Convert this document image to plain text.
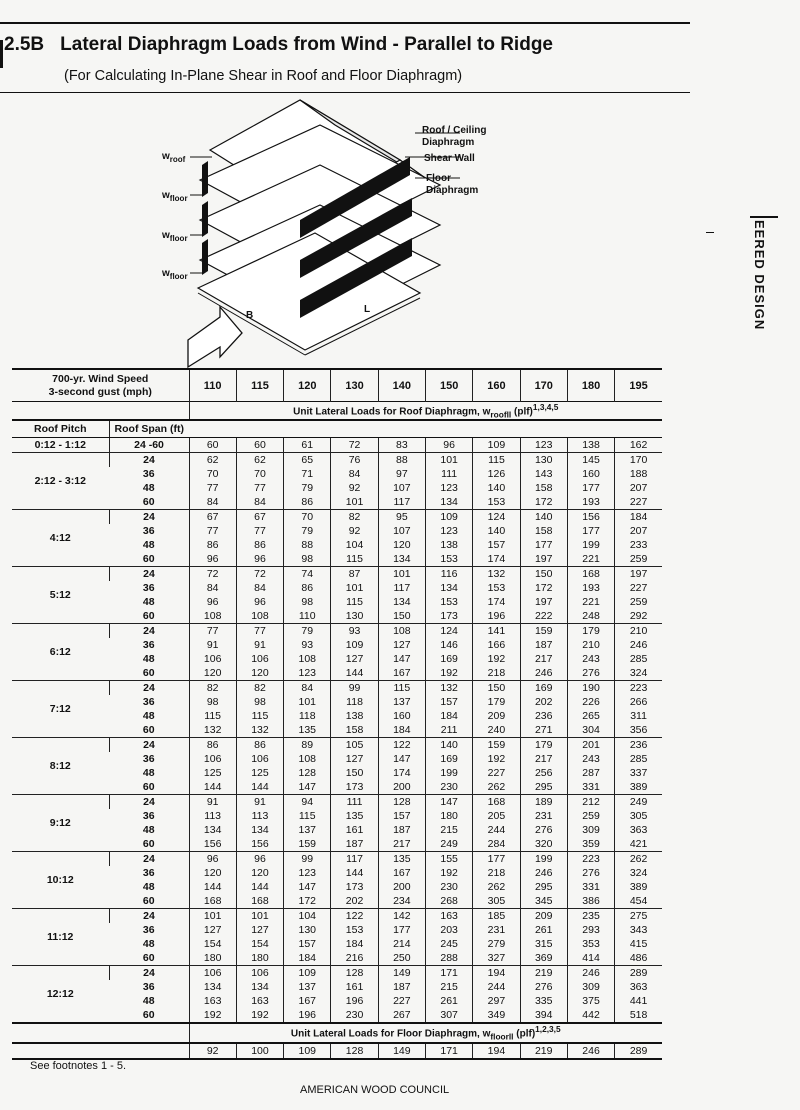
2.5B Lateral Diaphragm Loads from Wind - Parallel to Ridge
(For Calculating In-Plane Shear in Roof and Floor Diaphragm)
EERED DESIGN
Roof / Ceiling
Diaphragm
Shear Wall
Floor
Diaphragm
$w_{roof}$
$w_{floor}$
$w_{floor}$
$w_{floor}$
B
L
700-yr. Wind Speed
3-second gust (mph)		110	115	120	130	140	150	160	170	180	195
		Unit Lateral Loads for Roof Diaphragm, $w_{roofll}$ (plf)$^{1,3,4,5}$
Roof Pitch	Roof Span (ft)										
0:12 - 1:12	24 -60	60	60	61	72	83	96	109	123	138	162
2:12 - 3:12	24	62	62	65	76	88	101	115	130	145	170
	36	70	70	71	84	97	111	126	143	160	188
	48	77	77	79	92	107	123	140	158	177	207
	60	84	84	86	101	117	134	153	172	193	227
4:12	24	67	67	70	82	95	109	124	140	156	184
	36	77	77	79	92	107	123	140	158	177	207
	48	86	86	88	104	120	138	157	177	199	233
	60	96	96	98	115	134	153	174	197	221	259
5:12	24	72	72	74	87	101	116	132	150	168	197
	36	84	84	86	101	117	134	153	172	193	227
	48	96	96	98	115	134	153	174	197	221	259
	60	108	108	110	130	150	173	196	222	248	292
6:12	24	77	77	79	93	108	124	141	159	179	210
	36	91	91	93	109	127	146	166	187	210	246
	48	106	106	108	127	147	169	192	217	243	285
	60	120	120	123	144	167	192	218	246	276	324
7:12	24	82	82	84	99	115	132	150	169	190	223
	36	98	98	101	118	137	157	179	202	226	266
	48	115	115	118	138	160	184	209	236	265	311
	60	132	132	135	158	184	211	240	271	304	356
8:12	24	86	86	89	105	122	140	159	179	201	236
	36	106	106	108	127	147	169	192	217	243	285
	48	125	125	128	150	174	199	227	256	287	337
	60	144	144	147	173	200	230	262	295	331	389
9:12	24	91	91	94	111	128	147	168	189	212	249
	36	113	113	115	135	157	180	205	231	259	305
	48	134	134	137	161	187	215	244	276	309	363
	60	156	156	159	187	217	249	284	320	359	421
10:12	24	96	96	99	117	135	155	177	199	223	262
	36	120	120	123	144	167	192	218	246	276	324
	48	144	144	147	173	200	230	262	295	331	389
	60	168	168	172	202	234	268	305	345	386	454
11:12	24	101	101	104	122	142	163	185	209	235	275
	36	127	127	130	153	177	203	231	261	293	343
	48	154	154	157	184	214	245	279	315	353	415
	60	180	180	184	216	250	288	327	369	414	486
12:12	24	106	106	109	128	149	171	194	219	246	289
	36	134	134	137	161	187	215	244	276	309	363
	48	163	163	167	196	227	261	297	335	375	441
	60	192	192	196	230	267	307	349	394	442	518
		Unit Lateral Loads for Floor Diaphragm, $w_{floorll}$ (plf)$^{1,2,3,5}$
		92	100	109	128	149	171	194	219	246	289
See footnotes 1 - 5.
AMERICAN WOOD COUNCIL
